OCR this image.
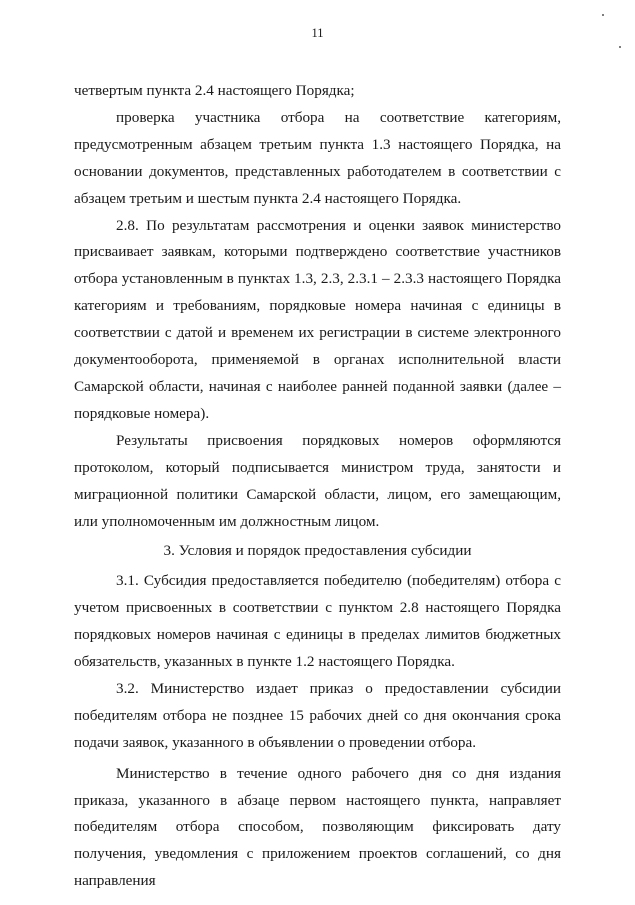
11

четвертым пункта 2.4 настоящего Порядка;

проверка участника отбора на соответствие категориям, предусмотренным абзацем третьим пункта 1.3 настоящего Порядка, на основании документов, представленных работодателем в соответствии с абзацем третьим и шестым пункта 2.4 настоящего Порядка.

2.8. По результатам рассмотрения и оценки заявок министерство присваивает заявкам, которыми подтверждено соответствие участников отбора установленным в пунктах 1.3, 2.3, 2.3.1 – 2.3.3 настоящего Порядка категориям и требованиям, порядковые номера начиная с единицы в соответствии с датой и временем их регистрации в системе электронного документооборота, применяемой в органах исполнительной власти Самарской области, начиная с наиболее ранней поданной заявки (далее – порядковые номера).

Результаты присвоения порядковых номеров оформляются протоколом, который подписывается министром труда, занятости и миграционной политики Самарской области, лицом, его замещающим, или уполномоченным им должностным лицом.

3. Условия и порядок предоставления субсидии

3.1. Субсидия предоставляется победителю (победителям) отбора с учетом присвоенных в соответствии с пунктом 2.8 настоящего Порядка порядковых номеров начиная с единицы в пределах лимитов бюджетных обязательств, указанных в пункте 1.2 настоящего Порядка.

3.2. Министерство издает приказ о предоставлении субсидии победителям отбора не позднее 15 рабочих дней со дня окончания срока подачи заявок, указанного в объявлении о проведении отбора.

Министерство в течение одного рабочего дня со дня издания приказа, указанного в абзаце первом настоящего пункта, направляет победителям отбора способом, позволяющим фиксировать дату получения, уведомления с приложением проектов соглашений, со дня направления
